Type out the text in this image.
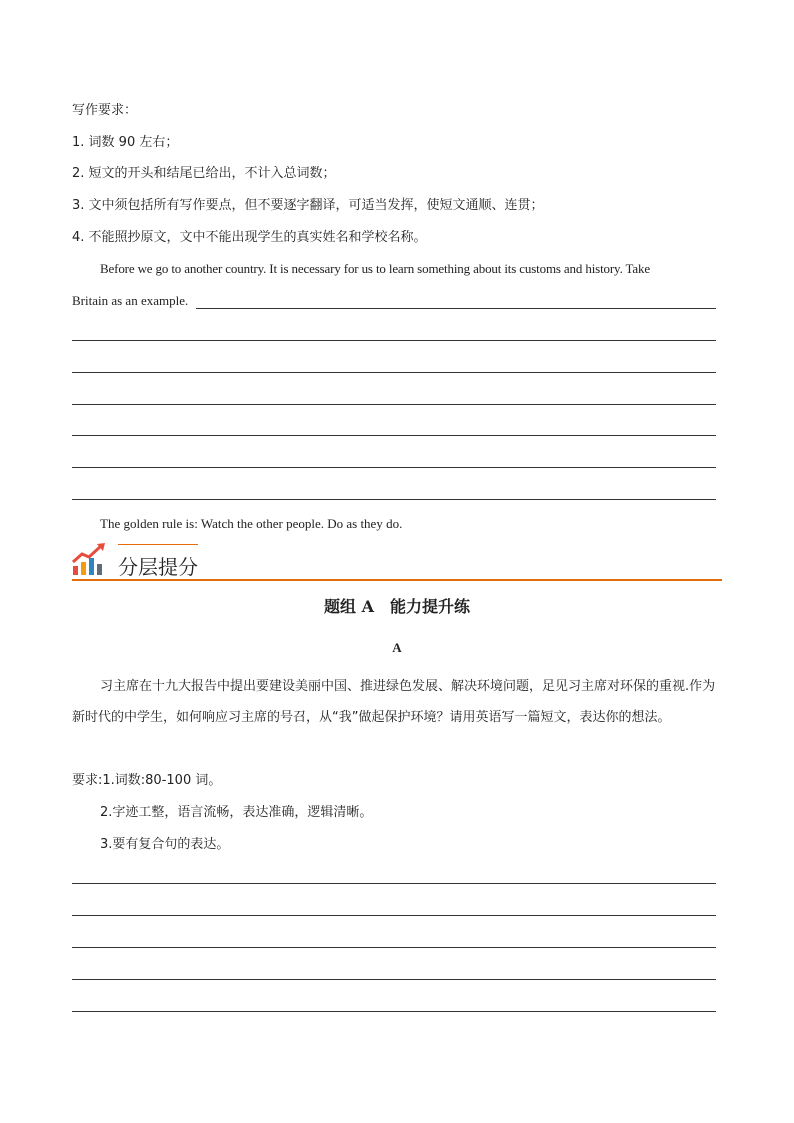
写作要求：
1. 词数 90 左右；
2. 短文的开头和结尾已给出，不计入总词数；
3. 文中须包括所有写作要点，但不要逐字翻译，可适当发挥，使短文通顺、连贯；
4. 不能照抄原文，文中不能出现学生的真实姓名和学校名称。
Before we go to another country. It is necessary for us to learn something about its customs and history. Take
Britain as an example.
The golden rule is: Watch the other people. Do as they do.
分层提分
题组 A　能力提升练
A
习主席在十九大报告中提出要建设美丽中国、推进绿色发展、解决环境问题，足见习主席对环保的重视.作为新时代的中学生，如何响应习主席的号召，从“我”做起保护环境？请用英语写一篇短文，表达你的想法。
要求:1.词数:80-100 词。
2.字迹工整，语言流畅，表达准确，逻辑清晰。
3.要有复合句的表达。
